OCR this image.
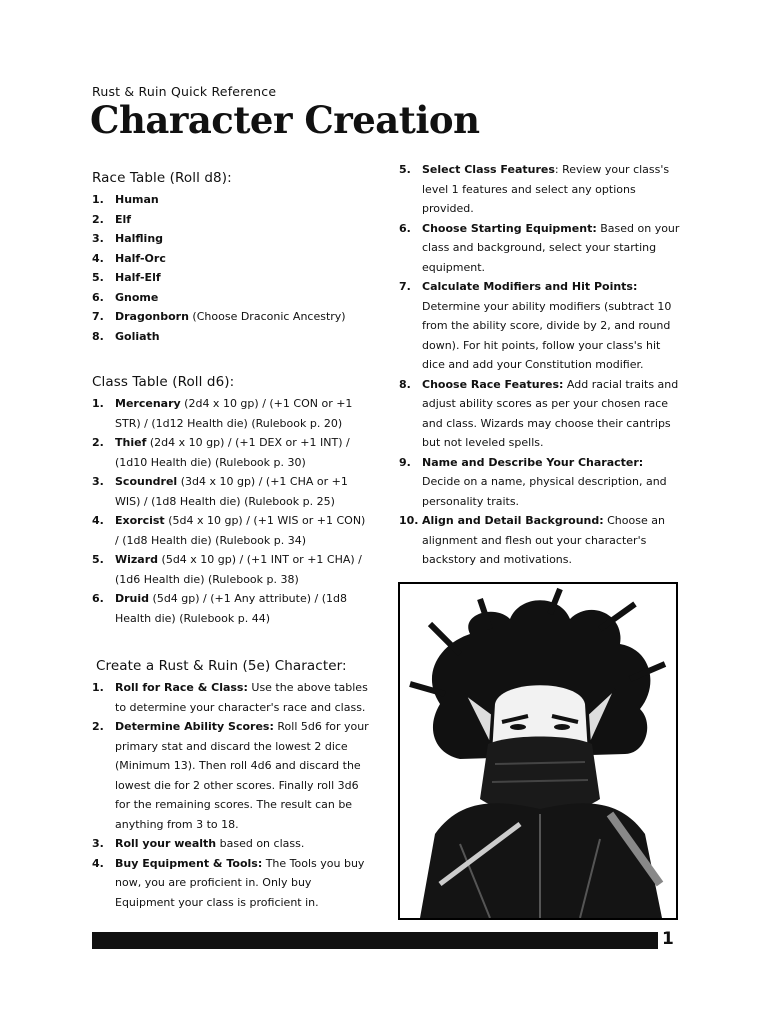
Rust & Ruin Quick Reference
Character Creation
Race Table (Roll d8):
1. Human
2. Elf
3. Halfling
4. Half-Orc
5. Half-Elf
6. Gnome
7. Dragonborn (Choose Draconic Ancestry)
8. Goliath
Class Table (Roll d6):
1. Mercenary (2d4 x 10 gp) / (+1 CON or +1 STR) / (1d12 Health die) (Rulebook p. 20)
2. Thief (2d4 x 10 gp) / (+1 DEX or +1 INT) / (1d10 Health die) (Rulebook p. 30)
3. Scoundrel (3d4 x 10 gp) / (+1 CHA or +1 WIS) / (1d8 Health die) (Rulebook p. 25)
4. Exorcist (5d4 x 10 gp) / (+1 WIS or +1 CON) / (1d8 Health die) (Rulebook p. 34)
5. Wizard (5d4 x 10 gp) / (+1 INT or +1 CHA) / (1d6 Health die) (Rulebook p. 38)
6. Druid (5d4 gp) / (+1 Any attribute) / (1d8 Health die) (Rulebook p. 44)
Create a Rust & Ruin (5e) Character:
1. Roll for Race & Class: Use the above tables to determine your character's race and class.
2. Determine Ability Scores: Roll 5d6 for your primary stat and discard the lowest 2 dice (Minimum 13). Then roll 4d6 and discard the lowest die for 2 other scores. Finally roll 3d6 for the remaining scores. The result can be anything from 3 to 18.
3. Roll your wealth based on class.
4. Buy Equipment & Tools: The Tools you buy now, you are proficient in. Only buy Equipment your class is proficient in.
5. Select Class Features: Review your class's level 1 features and select any options provided.
6. Choose Starting Equipment: Based on your class and background, select your starting equipment.
7. Calculate Modifiers and Hit Points: Determine your ability modifiers (subtract 10 from the ability score, divide by 2, and round down). For hit points, follow your class's hit dice and add your Constitution modifier.
8. Choose Race Features: Add racial traits and adjust ability scores as per your chosen race and class. Wizards may choose their cantrips but not leveled spells.
9. Name and Describe Your Character: Decide on a name, physical description, and personality traits.
10. Align and Detail Background: Choose an alignment and flesh out your character's backstory and motivations.
1
